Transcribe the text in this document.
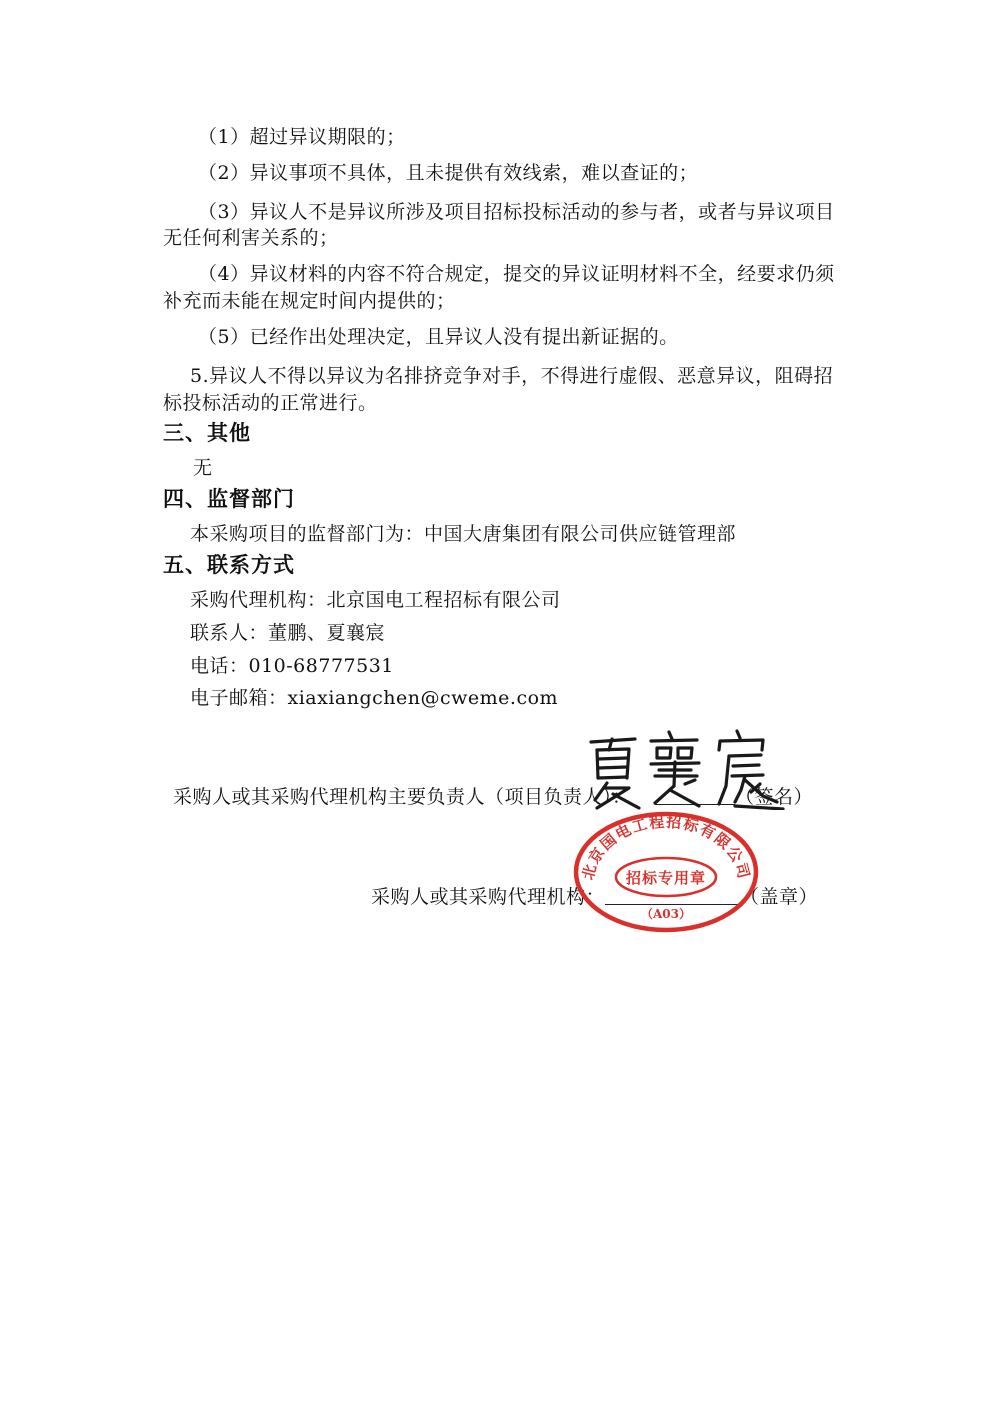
（1）超过异议期限的；
（2）异议事项不具体，且未提供有效线索，难以查证的；
（3）异议人不是异议所涉及项目招标投标活动的参与者，或者与异议项目
无任何利害关系的；
（4）异议材料的内容不符合规定，提交的异议证明材料不全，经要求仍须
补充而未能在规定时间内提供的；
（5）已经作出处理决定，且异议人没有提出新证据的。
5.异议人不得以异议为名排挤竞争对手，不得进行虚假、恶意异议，阻碍招
标投标活动的正常进行。
三、其他
无
四、监督部门
本采购项目的监督部门为：中国大唐集团有限公司供应链管理部
五、联系方式
采购代理机构：北京国电工程招标有限公司
联系人：董鹏、夏襄宸
电话：010-68777531
电子邮箱：xiaxiangchen@cweme.com
采购人或其采购代理机构主要负责人（项目负责人）：	（签名）
采购人或其采购代理机构：	（盖章）
北京国电工程招标有限公司
招标专用章
（A03）
